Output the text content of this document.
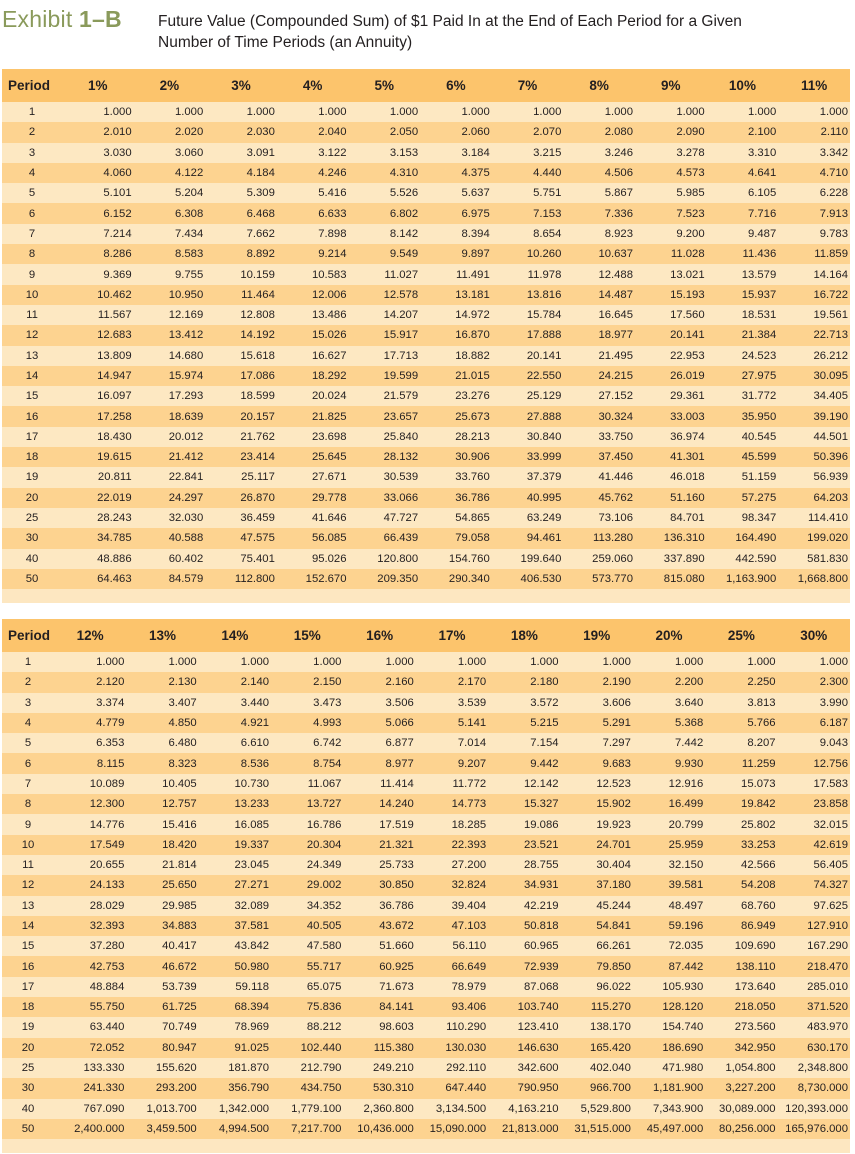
Exhibit 1–B Future Value (Compounded Sum) of $1 Paid In at the End of Each Period for a Given
Number of Time Periods (an Annuity)
Period	1%	2%	3%	4%	5%	6%	7%	8%	9%	10%	11%
1	1.000	1.000	1.000	1.000	1.000	1.000	1.000	1.000	1.000	1.000	1.000
2	2.010	2.020	2.030	2.040	2.050	2.060	2.070	2.080	2.090	2.100	2.110
3	3.030	3.060	3.091	3.122	3.153	3.184	3.215	3.246	3.278	3.310	3.342
4	4.060	4.122	4.184	4.246	4.310	4.375	4.440	4.506	4.573	4.641	4.710
5	5.101	5.204	5.309	5.416	5.526	5.637	5.751	5.867	5.985	6.105	6.228
6	6.152	6.308	6.468	6.633	6.802	6.975	7.153	7.336	7.523	7.716	7.913
7	7.214	7.434	7.662	7.898	8.142	8.394	8.654	8.923	9.200	9.487	9.783
8	8.286	8.583	8.892	9.214	9.549	9.897	10.260	10.637	11.028	11.436	11.859
9	9.369	9.755	10.159	10.583	11.027	11.491	11.978	12.488	13.021	13.579	14.164
10	10.462	10.950	11.464	12.006	12.578	13.181	13.816	14.487	15.193	15.937	16.722
11	11.567	12.169	12.808	13.486	14.207	14.972	15.784	16.645	17.560	18.531	19.561
12	12.683	13.412	14.192	15.026	15.917	16.870	17.888	18.977	20.141	21.384	22.713
13	13.809	14.680	15.618	16.627	17.713	18.882	20.141	21.495	22.953	24.523	26.212
14	14.947	15.974	17.086	18.292	19.599	21.015	22.550	24.215	26.019	27.975	30.095
15	16.097	17.293	18.599	20.024	21.579	23.276	25.129	27.152	29.361	31.772	34.405
16	17.258	18.639	20.157	21.825	23.657	25.673	27.888	30.324	33.003	35.950	39.190
17	18.430	20.012	21.762	23.698	25.840	28.213	30.840	33.750	36.974	40.545	44.501
18	19.615	21.412	23.414	25.645	28.132	30.906	33.999	37.450	41.301	45.599	50.396
19	20.811	22.841	25.117	27.671	30.539	33.760	37.379	41.446	46.018	51.159	56.939
20	22.019	24.297	26.870	29.778	33.066	36.786	40.995	45.762	51.160	57.275	64.203
25	28.243	32.030	36.459	41.646	47.727	54.865	63.249	73.106	84.701	98.347	114.410
30	34.785	40.588	47.575	56.085	66.439	79.058	94.461	113.280	136.310	164.490	199.020
40	48.886	60.402	75.401	95.026	120.800	154.760	199.640	259.060	337.890	442.590	581.830
50	64.463	84.579	112.800	152.670	209.350	290.340	406.530	573.770	815.080	1,163.900	1,668.800
Period	12%	13%	14%	15%	16%	17%	18%	19%	20%	25%	30%
1	1.000	1.000	1.000	1.000	1.000	1.000	1.000	1.000	1.000	1.000	1.000
2	2.120	2.130	2.140	2.150	2.160	2.170	2.180	2.190	2.200	2.250	2.300
3	3.374	3.407	3.440	3.473	3.506	3.539	3.572	3.606	3.640	3.813	3.990
4	4.779	4.850	4.921	4.993	5.066	5.141	5.215	5.291	5.368	5.766	6.187
5	6.353	6.480	6.610	6.742	6.877	7.014	7.154	7.297	7.442	8.207	9.043
6	8.115	8.323	8.536	8.754	8.977	9.207	9.442	9.683	9.930	11.259	12.756
7	10.089	10.405	10.730	11.067	11.414	11.772	12.142	12.523	12.916	15.073	17.583
8	12.300	12.757	13.233	13.727	14.240	14.773	15.327	15.902	16.499	19.842	23.858
9	14.776	15.416	16.085	16.786	17.519	18.285	19.086	19.923	20.799	25.802	32.015
10	17.549	18.420	19.337	20.304	21.321	22.393	23.521	24.701	25.959	33.253	42.619
11	20.655	21.814	23.045	24.349	25.733	27.200	28.755	30.404	32.150	42.566	56.405
12	24.133	25.650	27.271	29.002	30.850	32.824	34.931	37.180	39.581	54.208	74.327
13	28.029	29.985	32.089	34.352	36.786	39.404	42.219	45.244	48.497	68.760	97.625
14	32.393	34.883	37.581	40.505	43.672	47.103	50.818	54.841	59.196	86.949	127.910
15	37.280	40.417	43.842	47.580	51.660	56.110	60.965	66.261	72.035	109.690	167.290
16	42.753	46.672	50.980	55.717	60.925	66.649	72.939	79.850	87.442	138.110	218.470
17	48.884	53.739	59.118	65.075	71.673	78.979	87.068	96.022	105.930	173.640	285.010
18	55.750	61.725	68.394	75.836	84.141	93.406	103.740	115.270	128.120	218.050	371.520
19	63.440	70.749	78.969	88.212	98.603	110.290	123.410	138.170	154.740	273.560	483.970
20	72.052	80.947	91.025	102.440	115.380	130.030	146.630	165.420	186.690	342.950	630.170
25	133.330	155.620	181.870	212.790	249.210	292.110	342.600	402.040	471.980	1,054.800	2,348.800
30	241.330	293.200	356.790	434.750	530.310	647.440	790.950	966.700	1,181.900	3,227.200	8,730.000
40	767.090	1,013.700	1,342.000	1,779.100	2,360.800	3,134.500	4,163.210	5,529.800	7,343.900	30,089.000	120,393.000
50	2,400.000	3,459.500	4,994.500	7,217.700	10,436.000	15,090.000	21,813.000	31,515.000	45,497.000	80,256.000	165,976.000
